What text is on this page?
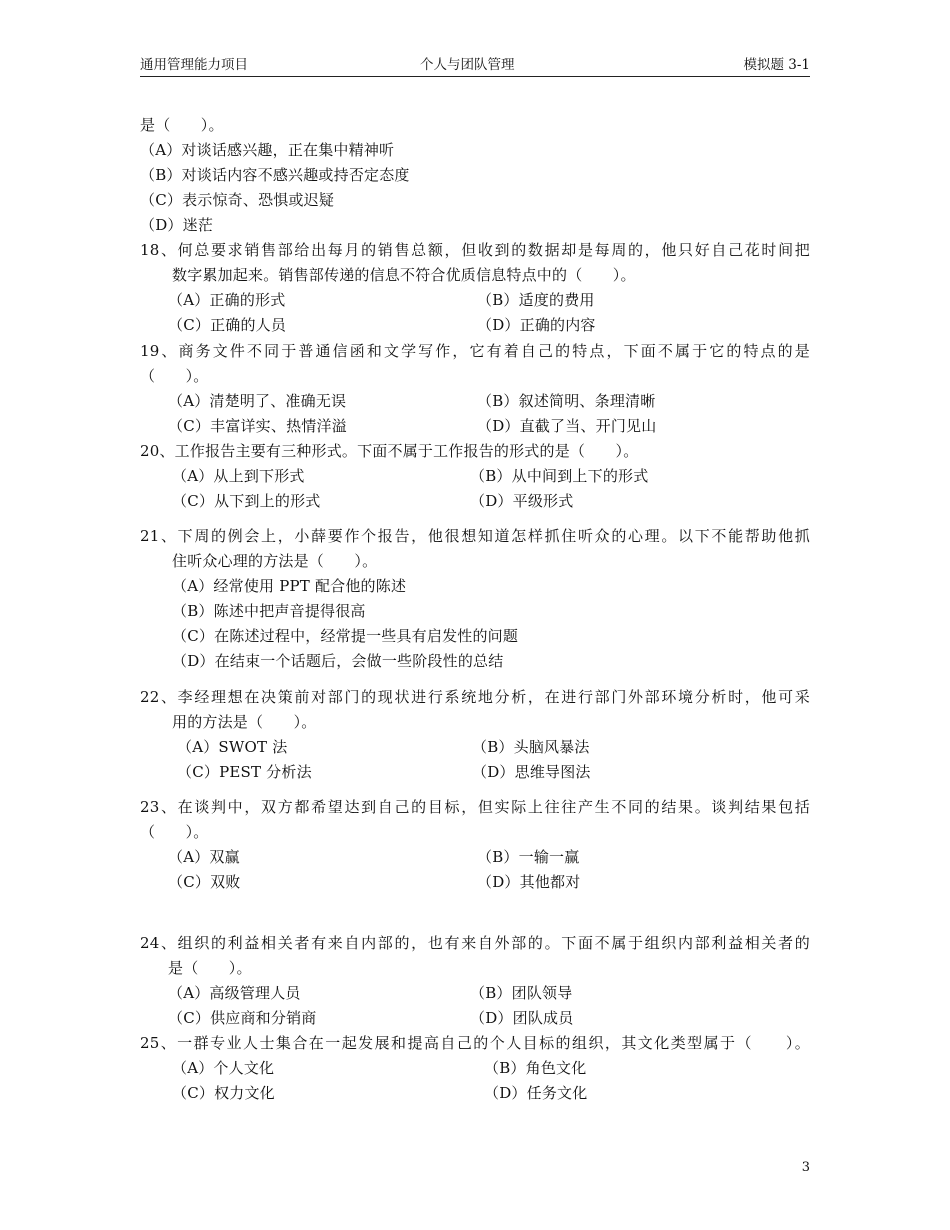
通用管理能力项目	个人与团队管理	模拟题 3-1
是（　　）。
（A）对谈话感兴趣，正在集中精神听
（B）对谈话内容不感兴趣或持否定态度
（C）表示惊奇、恐惧或迟疑
（D）迷茫
18、何总要求销售部给出每月的销售总额，但收到的数据却是每周的，他只好自己花时间把
数字累加起来。销售部传递的信息不符合优质信息特点中的（　　）。
（A）正确的形式	（B）适度的费用
（C）正确的人员	（D）正确的内容
19、商务文件不同于普通信函和文学写作，它有着自己的特点，下面不属于它的特点的是
（　　）。
（A）清楚明了、准确无误	（B）叙述简明、条理清晰
（C）丰富详实、热情洋溢	（D）直截了当、开门见山
20、工作报告主要有三种形式。下面不属于工作报告的形式的是（　　）。
（A）从上到下形式	（B）从中间到上下的形式
（C）从下到上的形式	（D）平级形式
21、下周的例会上，小薛要作个报告，他很想知道怎样抓住听众的心理。以下不能帮助他抓
住听众心理的方法是（　　）。
（A）经常使用 PPT 配合他的陈述
（B）陈述中把声音提得很高
（C）在陈述过程中，经常提一些具有启发性的问题
（D）在结束一个话题后，会做一些阶段性的总结
22、李经理想在决策前对部门的现状进行系统地分析，在进行部门外部环境分析时，他可采
用的方法是（　　）。
（A）SWOT 法	（B）头脑风暴法
（C）PEST 分析法	（D）思维导图法
23、在谈判中，双方都希望达到自己的目标，但实际上往往产生不同的结果。谈判结果包括
（　　）。
（A）双赢	（B）一输一赢
（C）双败	（D）其他都对
24、组织的利益相关者有来自内部的，也有来自外部的。下面不属于组织内部利益相关者的
是（　　）。
（A）高级管理人员	（B）团队领导
（C）供应商和分销商	（D）团队成员
25、一群专业人士集合在一起发展和提高自己的个人目标的组织，其文化类型属于（　　）。
（A）个人文化	（B）角色文化
（C）权力文化	（D）任务文化
3
